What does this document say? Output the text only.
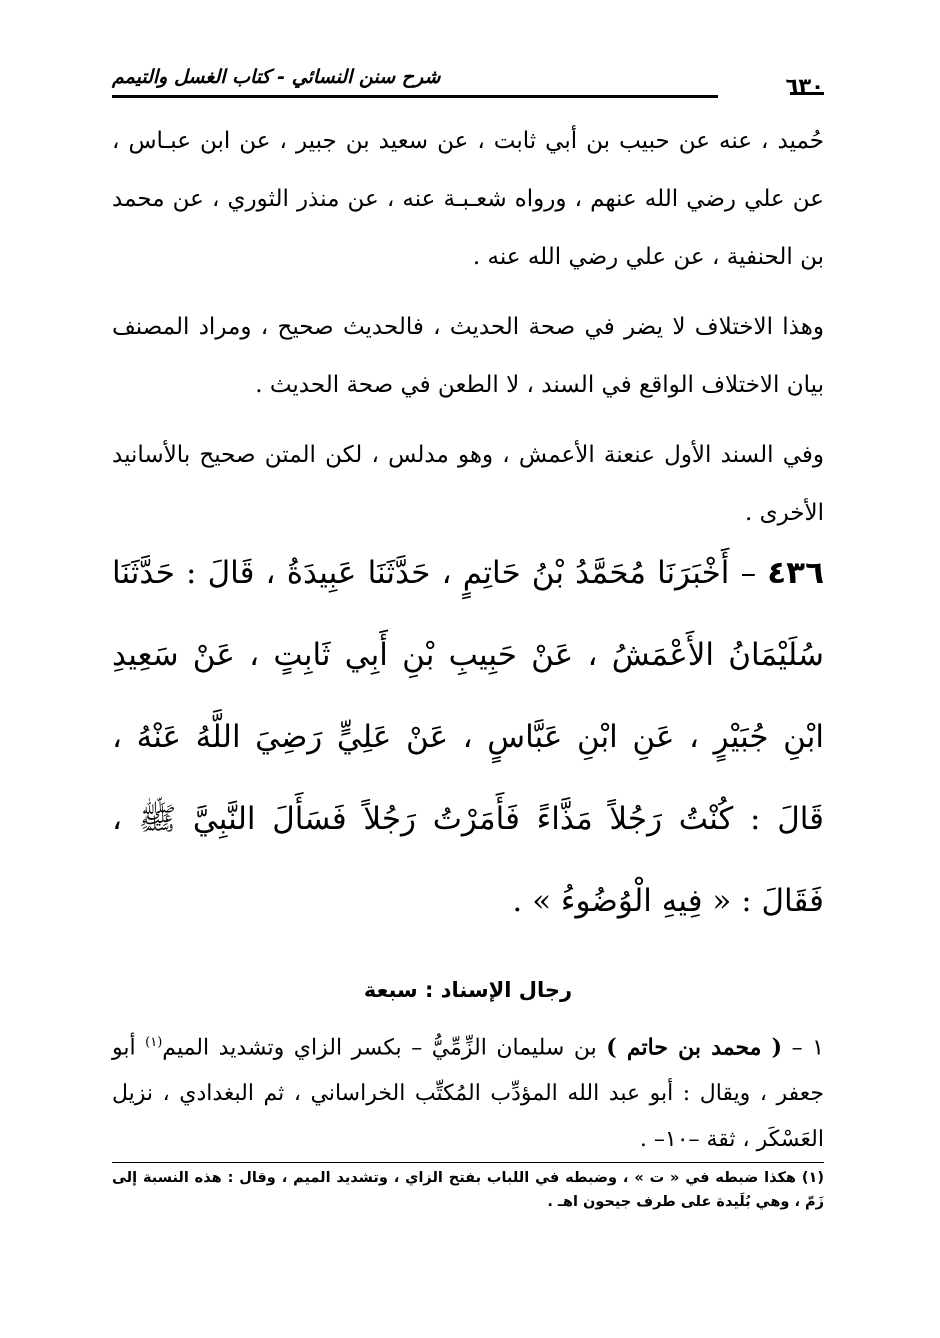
شرح سنن النسائي - كتاب الغسل والتيمم	٦٣٠

حُميد ، عنه عن حبيب بن أبي ثابت ، عن سعيد بن جبير ، عن ابن عبـاس ، عن علي رضي الله عنهم ، ورواه شعـبـة عنه ، عن منذر الثوري ، عن محمد بن الحنفية ، عن علي رضي الله عنه .

وهذا الاختلاف لا يضر في صحة الحديث ، فالحديث صحيح ، ومراد المصنف بيان الاختلاف الواقع في السند ، لا الطعن في صحة الحديث .

وفي السند الأول عنعنة الأعمش ، وهو مدلس ، لكن المتن صحيح بالأسانيد الأخرى .

٤٣٦ – أَخْبَرَنَا مُحَمَّدُ بْنُ حَاتِمٍ ، حَدَّثَنَا عَبِيدَةُ ، قَالَ : حَدَّثَنَا سُلَيْمَانُ الأَعْمَشُ ، عَنْ حَبِيبِ بْنِ أَبِي ثَابِتٍ ، عَنْ سَعِيدِ ابْنِ جُبَيْرٍ ، عَنِ ابْنِ عَبَّاسٍ ، عَنْ عَلِيٍّ رَضِيَ اللَّهُ عَنْهُ ، قَالَ : كُنْتُ رَجُلاً مَذَّاءً فَأَمَرْتُ رَجُلاً فَسَأَلَ النَّبِيَّ ﷺ ، فَقَالَ : « فِيهِ الْوُضُوءُ » .

رجال الإسناد : سبعة

١ – ( محمد بن حاتم ) بن سليمان الزِّمِّيُّ – بكسر الزاي وتشديد الميم$^{(١)}$ أبو جعفر ، ويقال : أبو عبد الله المؤدِّب المُكتِّب الخراساني ، ثم البغدادي ، نزيل العَسْكَر ، ثقة –١٠– .

(١) هكذا ضبطه في « ت » ، وضبطه في اللباب بفتح الزاي ، وتشديد الميم ، وقال : هذه النسبة إلى زَمّ ، وهي بُلَيدة على طرف جيحون اهـ .
